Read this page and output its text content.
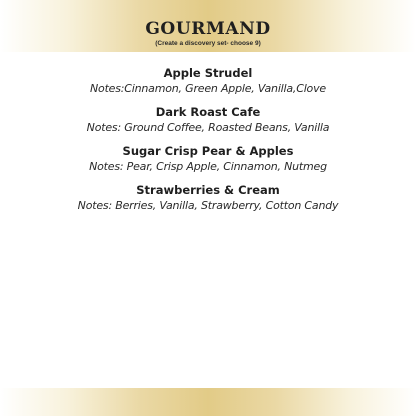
GOURMAND
(Create a discovery set- choose 9)
Apple Strudel
Notes:Cinnamon, Green Apple, Vanilla,Clove
Dark Roast Cafe
Notes: Ground Coffee, Roasted Beans, Vanilla
Sugar Crisp Pear & Apples
Notes: Pear, Crisp Apple, Cinnamon, Nutmeg
Strawberries & Cream
Notes: Berries, Vanilla, Strawberry, Cotton Candy
